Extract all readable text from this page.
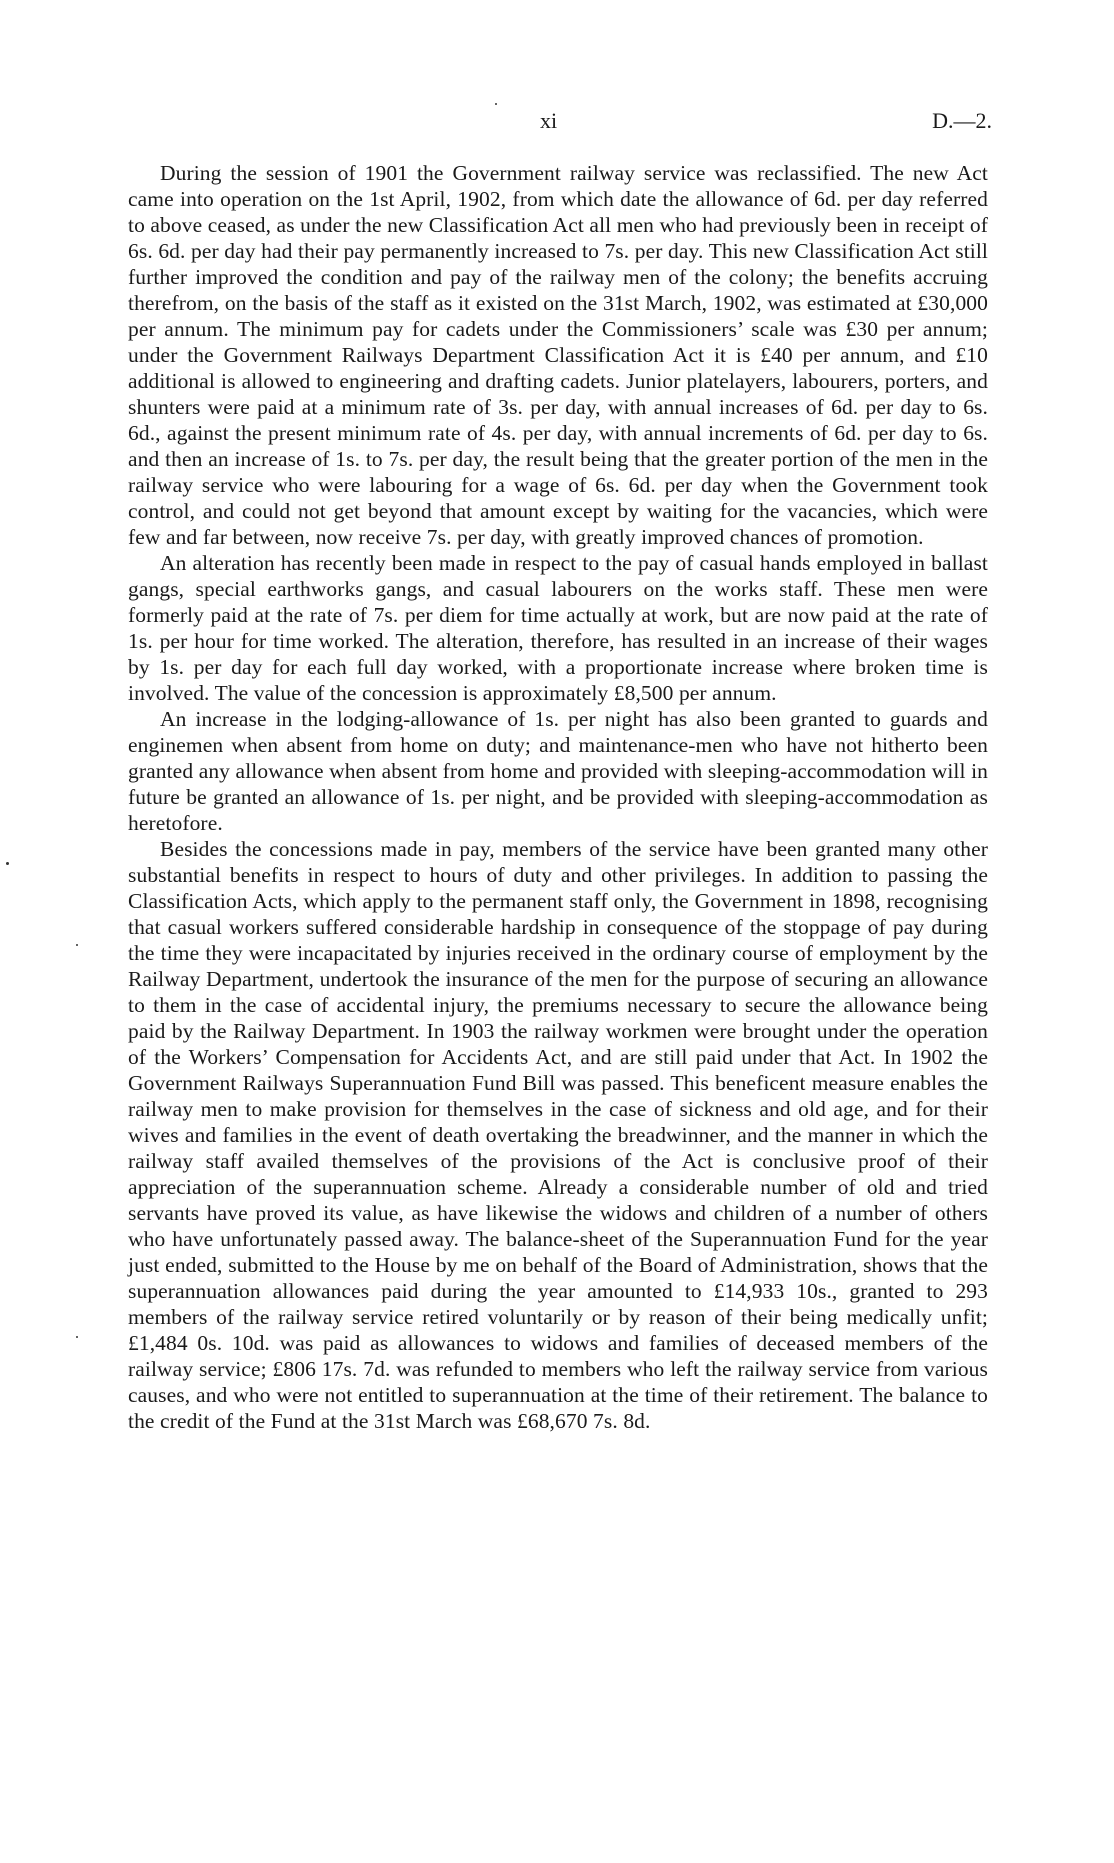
xi	D.—2.

During the session of 1901 the Government railway service was reclassified. The new Act came into operation on the 1st April, 1902, from which date the allowance of 6d. per day referred to above ceased, as under the new Classification Act all men who had previously been in receipt of 6s. 6d. per day had their pay permanently increased to 7s. per day. This new Classification Act still further improved the condition and pay of the railway men of the colony; the benefits accruing therefrom, on the basis of the staff as it existed on the 31st March, 1902, was estimated at £30,000 per annum. The minimum pay for cadets under the Commissioners’ scale was £30 per annum; under the Government Railways Department Classification Act it is £40 per annum, and £10 additional is allowed to engineering and drafting cadets. Junior platelayers, labourers, porters, and shunters were paid at a minimum rate of 3s. per day, with annual increases of 6d. per day to 6s. 6d., against the present minimum rate of 4s. per day, with annual increments of 6d. per day to 6s. and then an increase of 1s. to 7s. per day, the result being that the greater portion of the men in the railway service who were labouring for a wage of 6s. 6d. per day when the Government took control, and could not get beyond that amount except by waiting for the vacancies, which were few and far between, now receive 7s. per day, with greatly improved chances of promotion.

An alteration has recently been made in respect to the pay of casual hands employed in ballast gangs, special earthworks gangs, and casual labourers on the works staff. These men were formerly paid at the rate of 7s. per diem for time actually at work, but are now paid at the rate of 1s. per hour for time worked. The alteration, therefore, has resulted in an increase of their wages by 1s. per day for each full day worked, with a proportionate increase where broken time is involved. The value of the concession is approximately £8,500 per annum.

An increase in the lodging-allowance of 1s. per night has also been granted to guards and enginemen when absent from home on duty; and maintenance-men who have not hitherto been granted any allowance when absent from home and provided with sleeping-accommodation will in future be granted an allowance of 1s. per night, and be provided with sleeping-accommodation as heretofore.

Besides the concessions made in pay, members of the service have been granted many other substantial benefits in respect to hours of duty and other privileges. In addition to passing the Classification Acts, which apply to the permanent staff only, the Government in 1898, recognising that casual workers suffered considerable hardship in consequence of the stoppage of pay during the time they were incapacitated by injuries received in the ordinary course of employment by the Railway Department, undertook the insurance of the men for the purpose of securing an allowance to them in the case of accidental injury, the premiums necessary to secure the allowance being paid by the Railway Department. In 1903 the railway workmen were brought under the operation of the Workers’ Compensation for Accidents Act, and are still paid under that Act. In 1902 the Government Railways Superannuation Fund Bill was passed. This beneficent measure enables the railway men to make provision for themselves in the case of sickness and old age, and for their wives and families in the event of death overtaking the breadwinner, and the manner in which the railway staff availed themselves of the provisions of the Act is conclusive proof of their appreciation of the superannuation scheme. Already a considerable number of old and tried servants have proved its value, as have likewise the widows and children of a number of others who have unfortunately passed away. The balance-sheet of the Superannuation Fund for the year just ended, submitted to the House by me on behalf of the Board of Administration, shows that the superannuation allowances paid during the year amounted to £14,933 10s., granted to 293 members of the railway service retired voluntarily or by reason of their being medically unfit; £1,484 0s. 10d. was paid as allowances to widows and families of deceased members of the railway service; £806 17s. 7d. was refunded to members who left the railway service from various causes, and who were not entitled to superannuation at the time of their retirement. The balance to the credit of the Fund at the 31st March was £68,670 7s. 8d.
